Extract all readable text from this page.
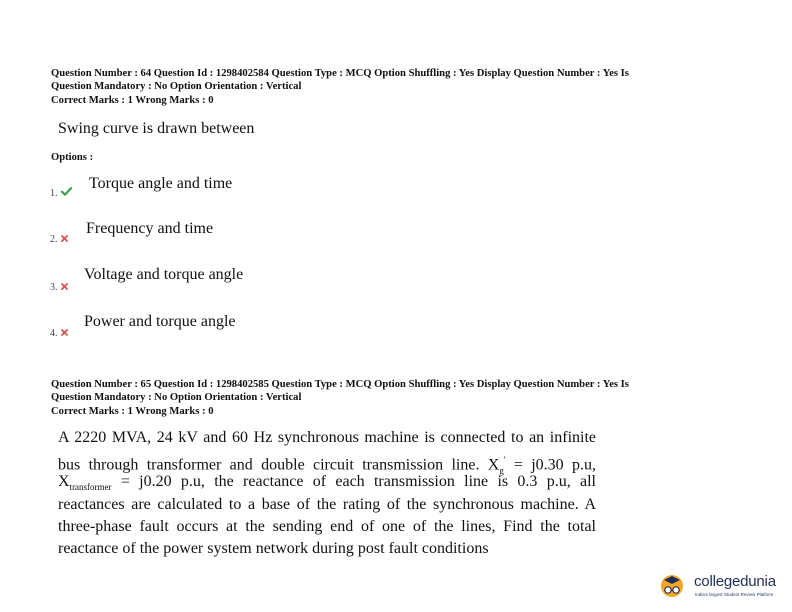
Question Number : 64 Question Id : 1298402584 Question Type : MCQ Option Shuffling : Yes Display Question Number : Yes Is
Question Mandatory : No Option Orientation : Vertical
Correct Marks : 1 Wrong Marks : 0
Swing curve is drawn between
Options :
1.
Torque angle and time
2.
Frequency and time
3.
Voltage and torque angle
4.
Power and torque angle
Question Number : 65 Question Id : 1298402585 Question Type : MCQ Option Shuffling : Yes Display Question Number : Yes Is
Question Mandatory : No Option Orientation : Vertical
Correct Marks : 1 Wrong Marks : 0
A 2220 MVA, 24 kV and 60 Hz synchronous machine is connected to an infinite
bus through transformer and double circuit transmission line. $X_g' = j0.30$ p.u,
$X_{transformer} = j0.20$ p.u, the reactance of each transmission line is 0.3 p.u, all
reactances are calculated to a base of the rating of the synchronous machine. A
three-phase fault occurs at the sending end of one of the lines, Find the total
reactance of the power system network during post fault conditions
collegedunia
India's largest Student Review Platform
